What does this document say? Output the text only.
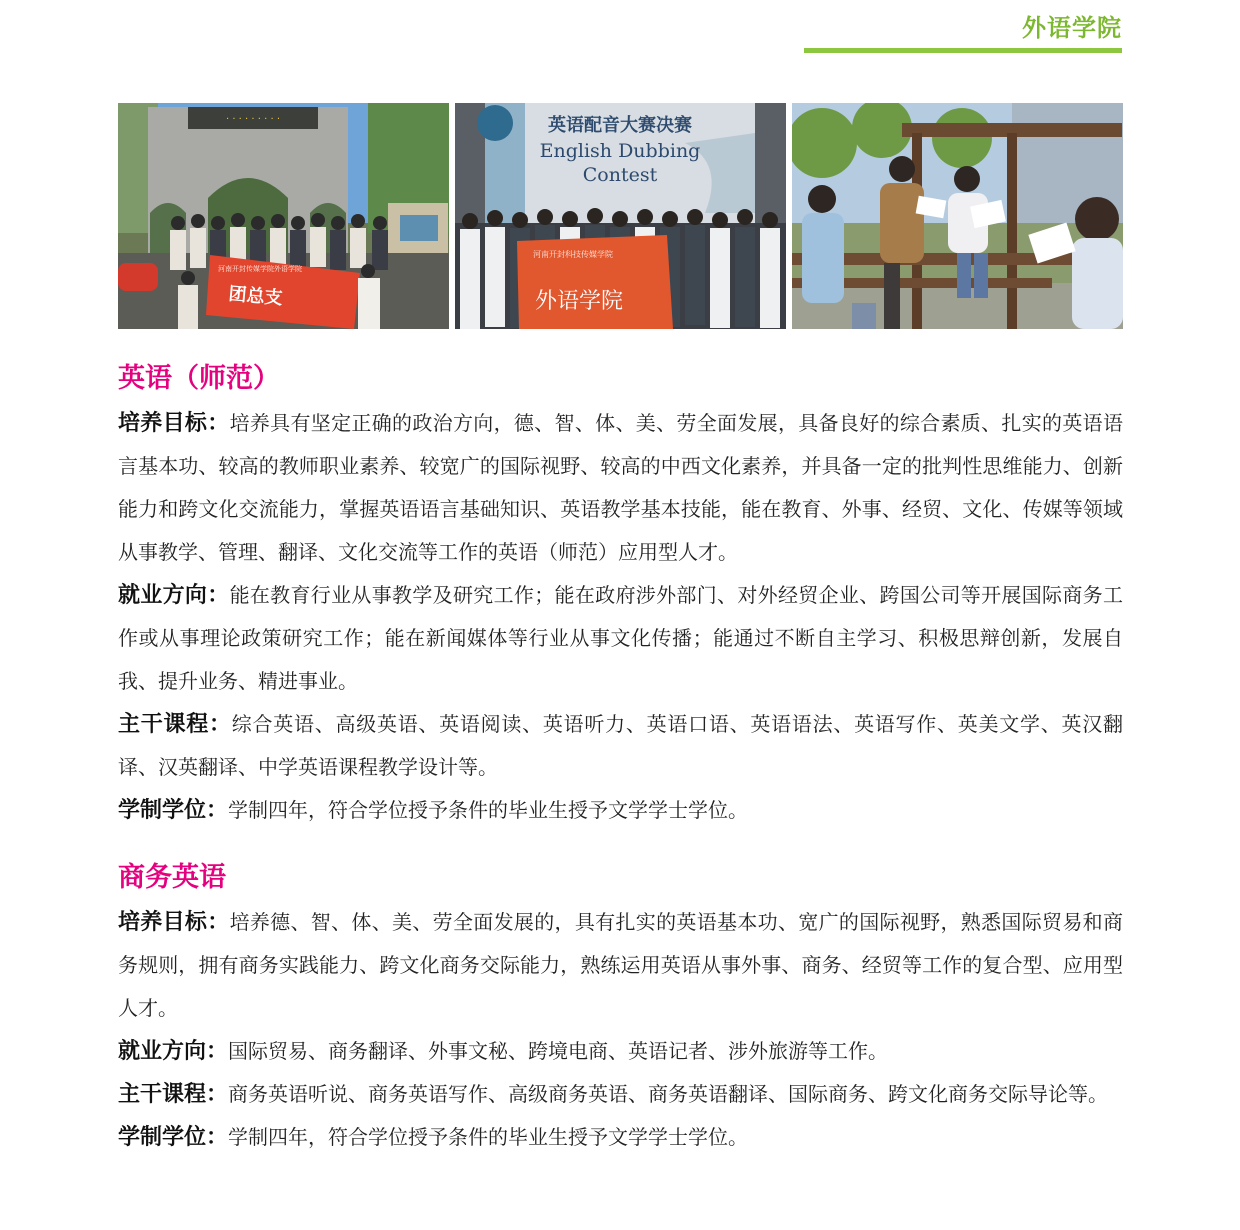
外语学院
· · · · · · · · ·
河南开封传媒学院外语学院
团总支
英语配音大赛决赛
English Dubbing
Contest
河南开封科技传媒学院
外语学院
英语（师范）

培养目标：培养具有坚定正确的政治方向，德、智、体、美、劳全面发展，具备良好的综合素质、扎实的英语语言基本功、较高的教师职业素养、较宽广的国际视野、较高的中西文化素养，并具备一定的批判性思维能力、创新能力和跨文化交流能力，掌握英语语言基础知识、英语教学基本技能，能在教育、外事、经贸、文化、传媒等领域从事教学、管理、翻译、文化交流等工作的英语（师范）应用型人才。

就业方向：能在教育行业从事教学及研究工作；能在政府涉外部门、对外经贸企业、跨国公司等开展国际商务工作或从事理论政策研究工作；能在新闻媒体等行业从事文化传播；能通过不断自主学习、积极思辩创新，发展自我、提升业务、精进事业。

主干课程：综合英语、高级英语、英语阅读、英语听力、英语口语、英语语法、英语写作、英美文学、英汉翻译、汉英翻译、中学英语课程教学设计等。

学制学位：学制四年，符合学位授予条件的毕业生授予文学学士学位。

商务英语

培养目标：培养德、智、体、美、劳全面发展的，具有扎实的英语基本功、宽广的国际视野，熟悉国际贸易和商务规则，拥有商务实践能力、跨文化商务交际能力，熟练运用英语从事外事、商务、经贸等工作的复合型、应用型人才。

就业方向：国际贸易、商务翻译、外事文秘、跨境电商、英语记者、涉外旅游等工作。

主干课程：商务英语听说、商务英语写作、高级商务英语、商务英语翻译、国际商务、跨文化商务交际导论等。

学制学位：学制四年，符合学位授予条件的毕业生授予文学学士学位。
